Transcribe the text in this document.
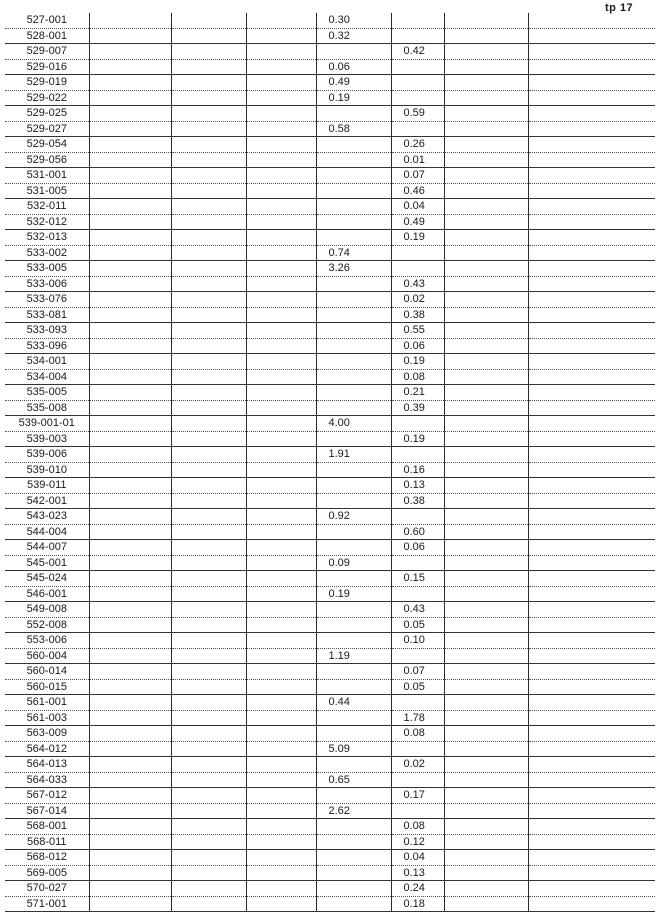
tp 17
527-001				0.30			
528-001				0.32			
529-007					0.42		
529-016				0.06			
529-019				0.49			
529-022				0.19			
529-025					0.59		
529-027				0.58			
529-054					0.26		
529-056					0.01		
531-001					0.07		
531-005					0.46		
532-011					0.04		
532-012					0.49		
532-013					0.19		
533-002				0.74			
533-005				3.26			
533-006					0.43		
533-076					0.02		
533-081					0.38		
533-093					0.55		
533-096					0.06		
534-001					0.19		
534-004					0.08		
535-005					0.21		
535-008					0.39		
539-001-01				4.00			
539-003					0.19		
539-006				1.91			
539-010					0.16		
539-011					0.13		
542-001					0.38		
543-023				0.92			
544-004					0.60		
544-007					0.06		
545-001				0.09			
545-024					0.15		
546-001				0.19			
549-008					0.43		
552-008					0.05		
553-006					0.10		
560-004				1.19			
560-014					0.07		
560-015					0.05		
561-001				0.44			
561-003					1.78		
563-009					0.08		
564-012				5.09			
564-013					0.02		
564-033				0.65			
567-012					0.17		
567-014				2.62			
568-001					0.08		
568-011					0.12		
568-012					0.04		
569-005					0.13		
570-027					0.24		
571-001					0.18		
